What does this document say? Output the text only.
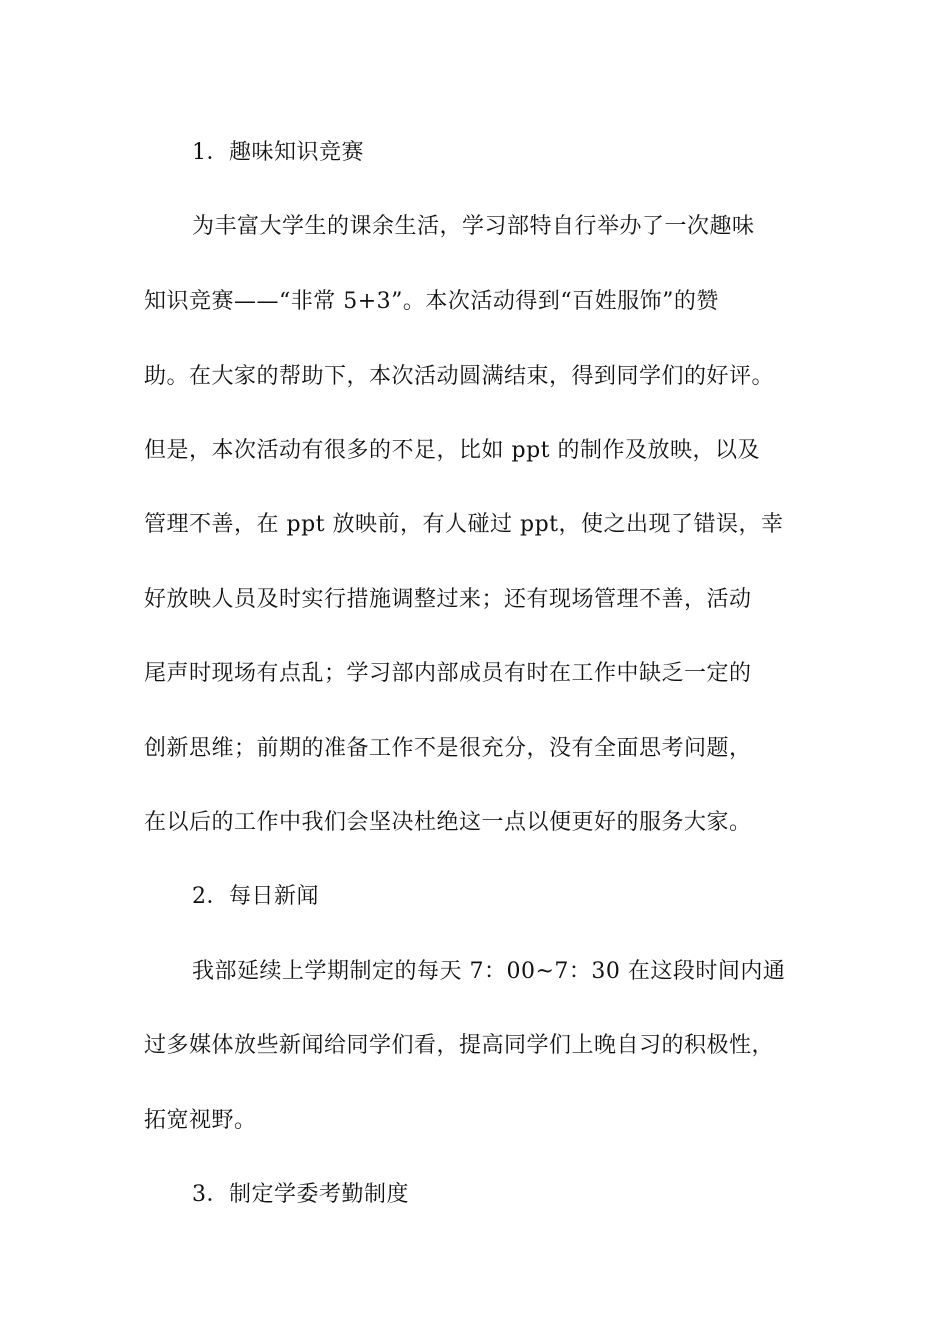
1．趣味知识竞赛
为丰富大学生的课余生活，学习部特自行举办了一次趣味
知识竞赛——“非常 5+3”。本次活动得到“百姓服饰”的赞
助。在大家的帮助下，本次活动圆满结束，得到同学们的好评。
但是，本次活动有很多的不足，比如 ppt 的制作及放映，以及
管理不善，在 ppt 放映前，有人碰过 ppt，使之出现了错误，幸
好放映人员及时实行措施调整过来；还有现场管理不善，活动
尾声时现场有点乱；学习部内部成员有时在工作中缺乏一定的
创新思维；前期的准备工作不是很充分，没有全面思考问题，
在以后的工作中我们会坚决杜绝这一点以便更好的服务大家。
2．每日新闻
我部延续上学期制定的每天 7：00~7：30 在这段时间内通
过多媒体放些新闻给同学们看，提高同学们上晚自习的积极性，
拓宽视野。
3．制定学委考勤制度
